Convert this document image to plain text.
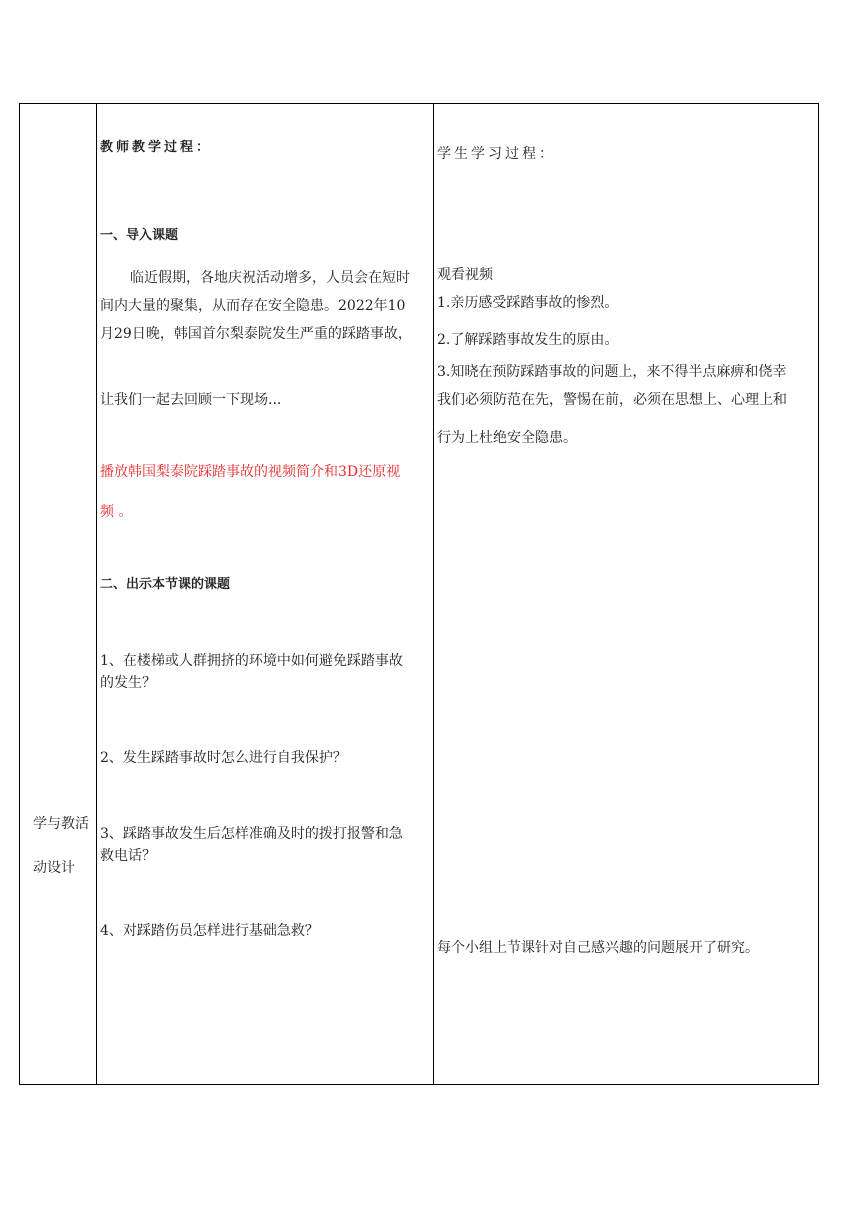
学与教活
动设计
教师教学过程：
一、导入课题
临近假期，各地庆祝活动增多，人员会在短时
间内大量的聚集，从而存在安全隐患。2022年10
月29日晚，韩国首尔梨泰院发生严重的踩踏事故，
让我们一起去回顾一下现场...
播放韩国梨泰院踩踏事故的视频简介和3D还原视
频 。
二、出示本节课的课题
1、在楼梯或人群拥挤的环境中如何避免踩踏事故
的发生？
2、发生踩踏事故时怎么进行自我保护？
3、踩踏事故发生后怎样准确及时的拨打报警和急
救电话？
4、对踩踏伤员怎样进行基础急救？
学生学习过程：
观看视频
1.亲历感受踩踏事故的惨烈。
2.了解踩踏事故发生的原由。
3.知晓在预防踩踏事故的问题上，来不得半点麻痹和侥幸
我们必须防范在先，警惕在前，必须在思想上、心理上和
行为上杜绝安全隐患。
每个小组上节课针对自己感兴趣的问题展开了研究。
